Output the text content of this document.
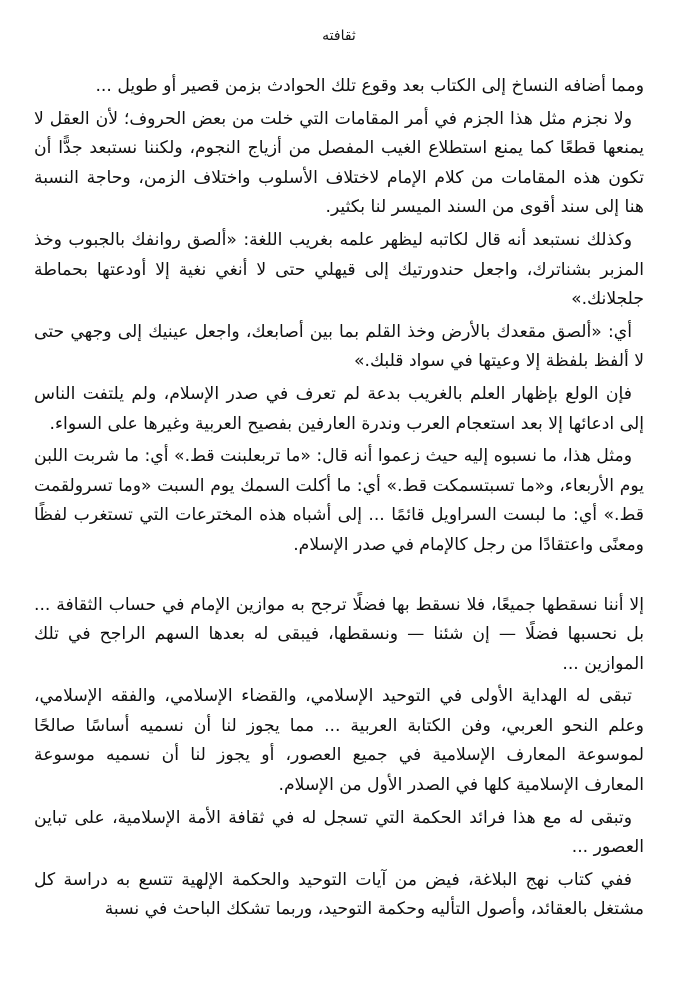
ثقافته

ومما أضافه النساخ إلى الكتاب بعد وقوع تلك الحوادث بزمن قصير أو طويل ...

ولا نجزم مثل هذا الجزم في أمر المقامات التي خلت من بعض الحروف؛ لأن العقل لا يمنعها قطعًا كما يمنع استطلاع الغيب المفصل من أزياج النجوم، ولكننا نستبعد جدًّا أن تكون هذه المقامات من كلام الإمام لاختلاف الأسلوب واختلاف الزمن، وحاجة النسبة هنا إلى سند أقوى من السند الميسر لنا بكثير.

وكذلك نستبعد أنه قال لكاتبه ليظهر علمه بغريب اللغة: «ألصق روانفك بالجبوب وخذ المزبر بشناترك، واجعل حندورتيك إلى قيهلي حتى لا أنغي نغية إلا أودعتها بحماطة جلجلانك.»

أي: «ألصق مقعدك بالأرض وخذ القلم بما بين أصابعك، واجعل عينيك إلى وجهي حتى لا ألفظ بلفظة إلا وعيتها في سواد قلبك.»

فإن الولع بإظهار العلم بالغريب بدعة لم تعرف في صدر الإسلام، ولم يلتفت الناس إلى ادعائها إلا بعد استعجام العرب وندرة العارفين بفصيح العربية وغيرها على السواء.

ومثل هذا، ما نسبوه إليه حيث زعموا أنه قال: «ما تربعلبنت قط.» أي: ما شربت اللبن يوم الأربعاء، و«ما تسبتسمكت قط.» أي: ما أكلت السمك يوم السبت «وما تسرولقمت قط.» أي: ما لبست السراويل قائمًا ... إلى أشباه هذه المخترعات التي تستغرب لفظًا ومعنًى واعتقادًا من رجل كالإمام في صدر الإسلام.

إلا أننا نسقطها جميعًا، فلا نسقط بها فضلًا ترجح به موازين الإمام في حساب الثقافة ... بل نحسبها فضلًا — إن شئنا — ونسقطها، فيبقى له بعدها السهم الراجح في تلك الموازين ...

تبقى له الهداية الأولى في التوحيد الإسلامي، والقضاء الإسلامي، والفقه الإسلامي، وعلم النحو العربي، وفن الكتابة العربية ... مما يجوز لنا أن نسميه أساسًا صالحًا لموسوعة المعارف الإسلامية في جميع العصور، أو يجوز لنا أن نسميه موسوعة المعارف الإسلامية كلها في الصدر الأول من الإسلام.

وتبقى له مع هذا فرائد الحكمة التي تسجل له في ثقافة الأمة الإسلامية، على تباين العصور ...

ففي كتاب نهج البلاغة، فيض من آيات التوحيد والحكمة الإلهية تتسع به دراسة كل مشتغل بالعقائد، وأصول التأليه وحكمة التوحيد، وربما تشكك الباحث في نسبة
